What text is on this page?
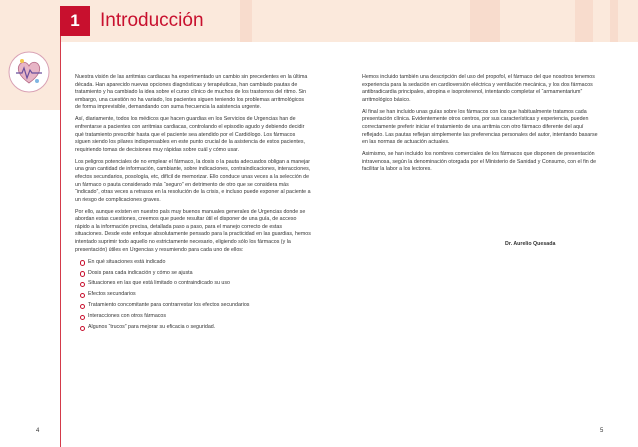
1	Introducción

Nuestra visión de las arritmias cardiacas ha experimentado un cambio sin precedentes en la última década. Han aparecido nuevas opciones diagnósticas y terapéuticas, han cambiado pautas de tratamiento y ha cambiado la idea sobre el curso clínico de muchos de los trastornos del ritmo. Sin embargo, una cuestión no ha variado, los pacientes siguen teniendo los problemas arritmológicos de forma imprevisible, demandando con suma frecuencia la asistencia urgente.

Así, diariamente, todos los médicos que hacen guardias en los Servicios de Urgencias han de enfrentarse a pacientes con arritmias cardiacas, controlando el episodio agudo y debiendo decidir qué tratamiento prescribir hasta que el paciente sea atendido por el Cardiólogo. Los fármacos siguen siendo los pilares indispensables en este punto crucial de la asistencia de estos pacientes, requiriendo tomas de decisiones muy rápidas sobre cuál y cómo usar.

Los peligros potenciales de no emplear el fármaco, la dosis o la pauta adecuados obligan a manejar una gran cantidad de información, cambiante, sobre indicaciones, contraindicaciones, interacciones, efectos secundarios, posología, etc, difícil de memorizar. Ello conduce unas veces a la selección de un fármaco o pauta considerado más “seguro” en detrimento de otro que se considera más “indicado”, otras veces a retrasos en la resolución de la crisis, e incluso puede exponer al paciente a un riesgo de complicaciones graves.

Por ello, aunque existen en nuestro país muy buenos manuales generales de Urgencias donde se abordan estas cuestiones, creemos que puede resultar útil el disponer de una guía, de acceso rápido a la información precisa, detallada paso a paso, para el manejo correcto de estas situaciones. Desde este enfoque absolutamente pensado para la practicidad en las guardias, hemos intentado suprimir todo aquello no estrictamente necesario, eligiendo sólo los fármacos (y la presentación) útiles en Urgencias y resumiendo para cada uno de ellos:

En qué situaciones está indicado
Dosis para cada indicación y cómo se ajusta
Situaciones en las que está limitado o contraindicado su uso
Efectos secundarios
Tratamiento concomitante para contrarrestar los efectos secundarios
Interacciones con otros fármacos
Algunos “trucos” para mejorar su eficacia o seguridad.

Hemos incluido también una descripción del uso del propofol, el fármaco del que nosotros tenemos experiencia para la sedación en cardioversión eléctrica y ventilación mecánica, y los dos fármacos antibradicardia principales, atropina e isoproterenol, intentando completar el “armamentarium” arritmológico básico.

Al final se han incluido unas guías sobre los fármacos con los que habitualmente tratamos cada presentación clínica. Evidentemente otros centros, por sus características y experiencia, pueden correctamente preferir iniciar el tratamiento de una arritmia con otro fármaco diferente del aquí reflejado. Las pautas reflejan simplemente las preferencias personales del autor, intentando basarse en las normas de actuación actuales.

Asimismo, se han incluido los nombres comerciales de los fármacos que disponen de presentación intravenosa, según la denominación otorgada por el Ministerio de Sanidad y Consumo, con el fin de facilitar la labor a los lectores.

Dr. Aurelio Quesada
4	5
